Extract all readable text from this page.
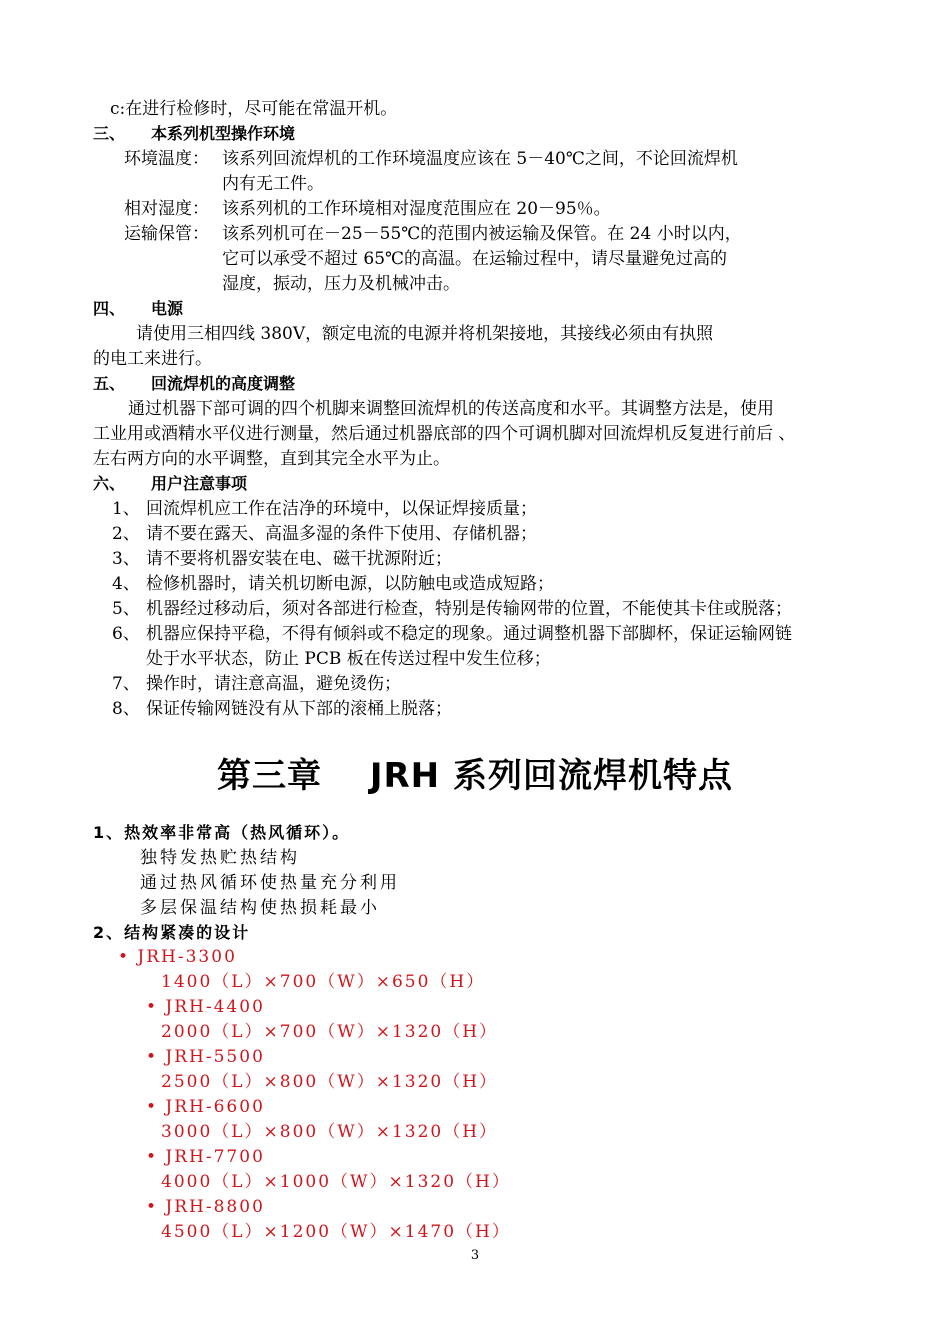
c:在进行检修时，尽可能在常温开机。
三、 本系列机型操作环境
环境温度： 该系列回流焊机的工作环境温度应该在 5－40℃之间，不论回流焊机
内有无工件。
相对湿度： 该系列机的工作环境相对湿度范围应在 20－95％。
运输保管： 该系列机可在－25－55℃的范围内被运输及保管。在 24 小时以内，
它可以承受不超过 65℃的高温。在运输过程中，请尽量避免过高的
湿度，振动，压力及机械冲击。
四、 电源
请使用三相四线 380V，额定电流的电源并将机架接地，其接线必须由有执照
的电工来进行。
五、 回流焊机的高度调整
通过机器下部可调的四个机脚来调整回流焊机的传送高度和水平。其调整方法是，使用
工业用或酒精水平仪进行测量，然后通过机器底部的四个可调机脚对回流焊机反复进行前后 、
左右两方向的水平调整，直到其完全水平为止。
六、 用户注意事项
1、 回流焊机应工作在洁净的环境中，以保证焊接质量；
2、 请不要在露天、高温多湿的条件下使用、存储机器；
3、 请不要将机器安装在电、磁干扰源附近；
4、 检修机器时，请关机切断电源，以防触电或造成短路；
5、 机器经过移动后，须对各部进行检查，特别是传输网带的位置，不能使其卡住或脱落；
6、 机器应保持平稳，不得有倾斜或不稳定的现象。通过调整机器下部脚杯，保证运输网链
处于水平状态，防止 PCB 板在传送过程中发生位移；
7、 操作时，请注意高温，避免烫伤；
8、 保证传输网链没有从下部的滚桶上脱落；
第三章　 JRH 系列回流焊机特点
1、热效率非常高（热风循环）。
独特发热贮热结构
通过热风循环使热量充分利用
多层保温结构使热损耗最小
2、结构紧凑的设计
• JRH-3300
1400（L）×700（W）×650（H）
• JRH-4400
2000（L）×700（W）×1320（H）
• JRH-5500
2500（L）×800（W）×1320（H）
• JRH-6600
3000（L）×800（W）×1320（H）
• JRH-7700
4000（L）×1000（W）×1320（H）
• JRH-8800
4500（L）×1200（W）×1470（H）
3
